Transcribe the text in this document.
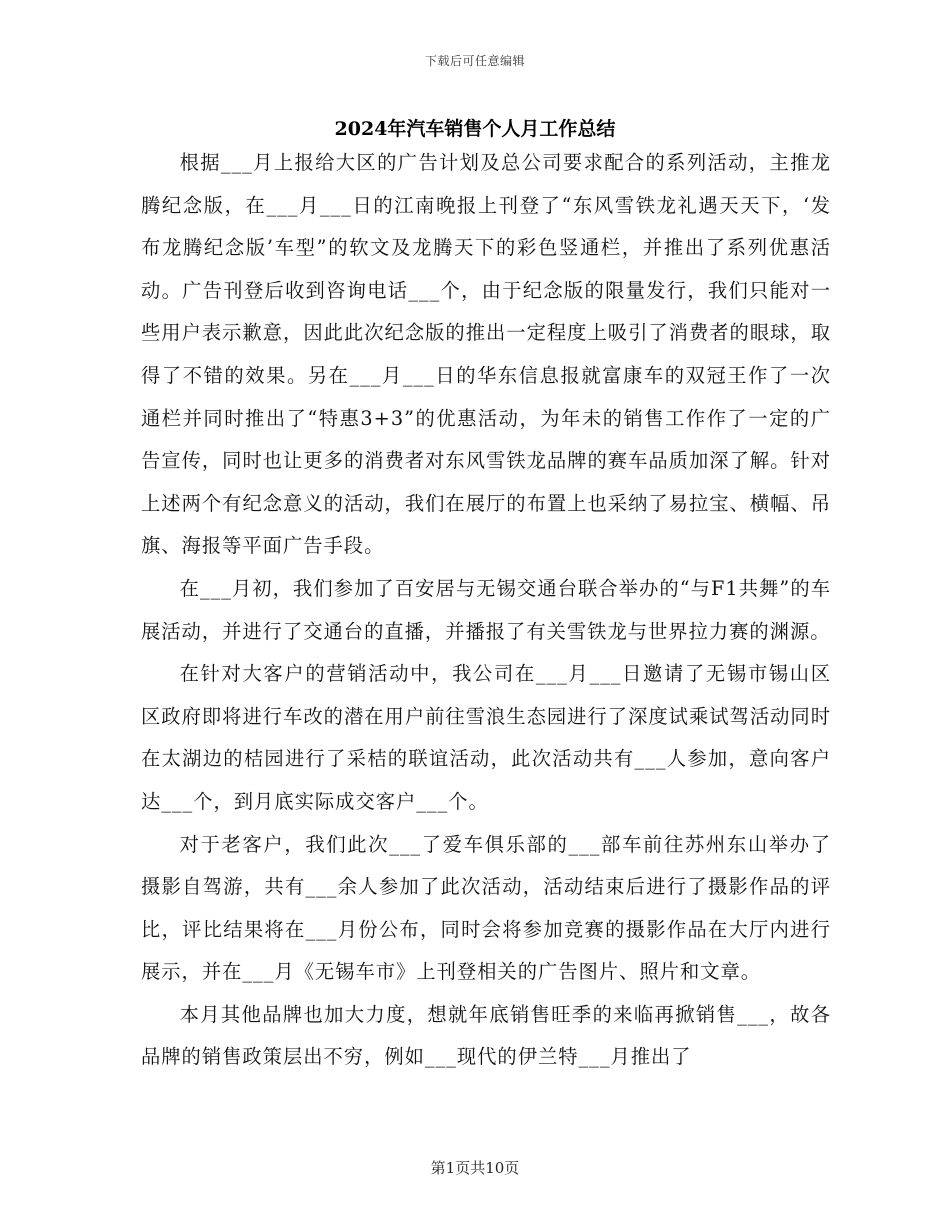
下载后可任意编辑
2024年汽车销售个人月工作总结

根据___月上报给大区的广告计划及总公司要求配合的系列活动，主推龙腾纪念版，在___月___日的江南晚报上刊登了“东风雪铁龙礼遇天天下，‘发布龙腾纪念版’车型”的软文及龙腾天下的彩色竖通栏，并推出了系列优惠活动。广告刊登后收到咨询电话___个，由于纪念版的限量发行，我们只能对一些用户表示歉意，因此此次纪念版的推出一定程度上吸引了消费者的眼球，取得了不错的效果。另在___月___日的华东信息报就富康车的双冠王作了一次通栏并同时推出了“特惠3+3”的优惠活动，为年未的销售工作作了一定的广告宣传，同时也让更多的消费者对东风雪铁龙品牌的赛车品质加深了解。针对上述两个有纪念意义的活动，我们在展厅的布置上也采纳了易拉宝、横幅、吊旗、海报等平面广告手段。

在___月初，我们参加了百安居与无锡交通台联合举办的“与F1共舞”的车展活动，并进行了交通台的直播，并播报了有关雪铁龙与世界拉力赛的渊源。

在针对大客户的营销活动中，我公司在___月___日邀请了无锡市锡山区区政府即将进行车改的潜在用户前往雪浪生态园进行了深度试乘试驾活动同时在太湖边的桔园进行了采桔的联谊活动，此次活动共有___人参加，意向客户达___个，到月底实际成交客户___个。

对于老客户，我们此次___了爱车俱乐部的___部车前往苏州东山举办了摄影自驾游，共有___余人参加了此次活动，活动结束后进行了摄影作品的评比，评比结果将在___月份公布，同时会将参加竞赛的摄影作品在大厅内进行展示，并在___月《无锡车市》上刊登相关的广告图片、照片和文章。

本月其他品牌也加大力度，想就年底销售旺季的来临再掀销售___，故各品牌的销售政策层出不穷，例如___现代的伊兰特___月推出了

第1页共10页
